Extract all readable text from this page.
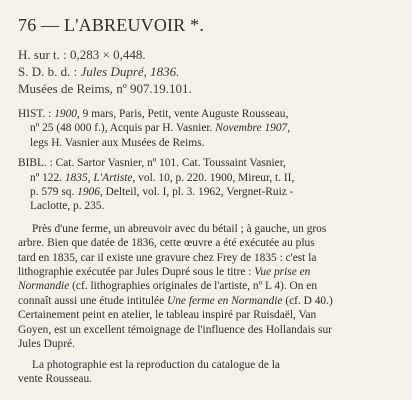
76 — L'ABREUVOIR *.

H. sur t. : 0,283 × 0,448.

S. D. b. d. : Jules Dupré, 1836.

Musées de Reims, nº 907.19.101.

HIST. : 1900, 9 mars, Paris, Petit, vente Auguste Rousseau,
nº 25 (48 000 f.), Acquis par H. Vasnier. Novembre 1907,
legs H. Vasnier aux Musées de Reims.
BIBL. : Cat. Sartor Vasnier, nº 101. Cat. Toussaint Vasnier,
nº 122. 1835, L'Artiste, vol. 10, p. 220. 1900, Mireur, t. II,
p. 579 sq. 1906, Delteil, vol. I, pl. 3. 1962, Vergnet-Ruiz -
Laclotte, p. 235.
Près d'une ferme, un abreuvoir avec du bétail ; à gauche, un gros
arbre. Bien que datée de 1836, cette œuvre a été exécutée au plus
tard en 1835, car il existe une gravure chez Frey de 1835 : c'est la
lithographie exécutée par Jules Dupré sous le titre : Vue prise en
Normandie (cf. lithographies originales de l'artiste, nº L 4). On en
connaît aussi une étude intitulée Une ferme en Normandie (cf. D 40.)
Certainement peint en atelier, le tableau inspiré par Ruisdaël, Van
Goyen, est un excellent témoignage de l'influence des Hollandais sur
Jules Dupré.
La photographie est la reproduction du catalogue de la
vente Rousseau.
